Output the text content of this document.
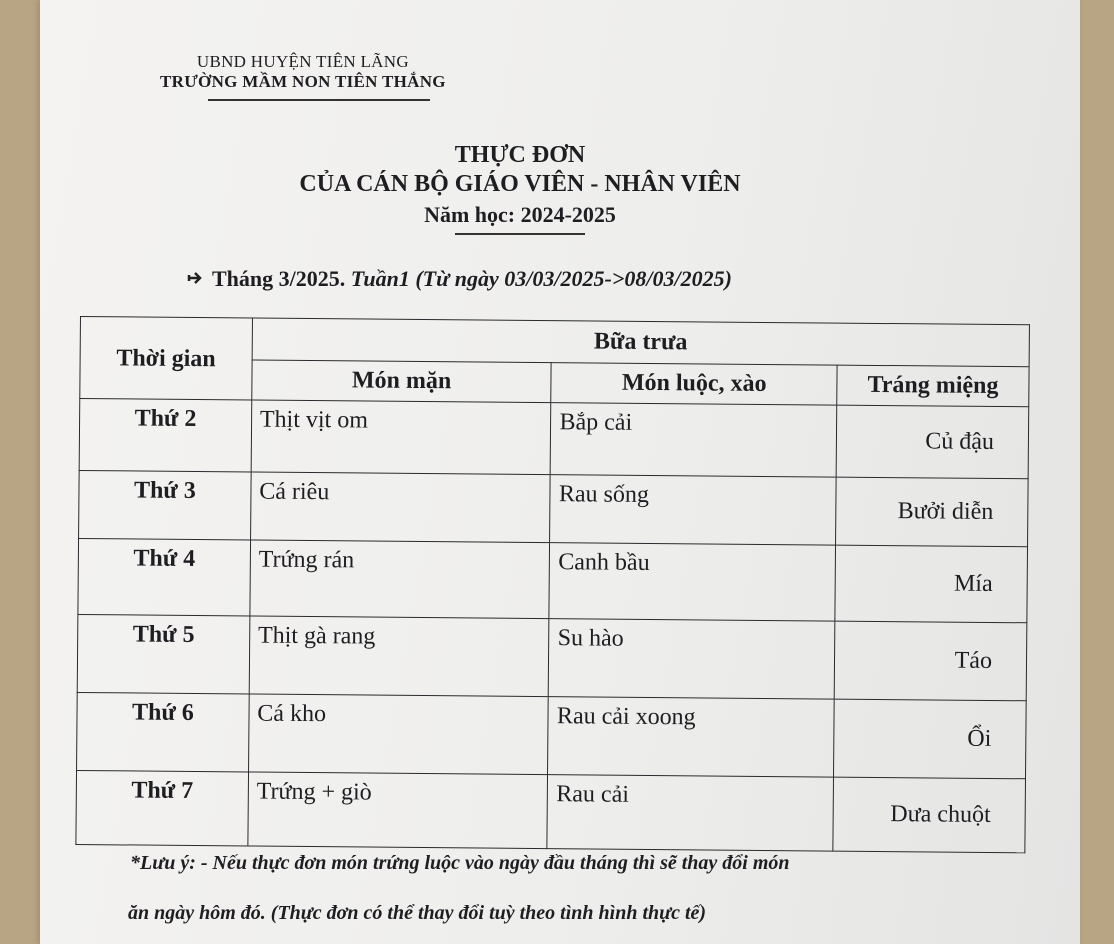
UBND HUYỆN TIÊN LÃNG
TRƯỜNG MẦM NON TIÊN THẮNG
THỰC ĐƠN
CỦA CÁN BỘ GIÁO VIÊN - NHÂN VIÊN
Năm học: 2024-2025
Tháng 3/2025. Tuần1 (Từ ngày 03/03/2025->08/03/2025)
Thời gian	Bữa trưa		
	Món mặn	Món luộc, xào	Tráng miệng
Thứ 2	Thịt vịt om	Bắp cải	Củ đậu
Thứ 3	Cá riêu	Rau sống	Bưởi diễn
Thứ 4	Trứng rán	Canh bầu	Mía
Thứ 5	Thịt gà rang	Su hào	Táo
Thứ 6	Cá kho	Rau cải xoong	Ổi
Thứ 7	Trứng + giò	Rau cải	Dưa chuột
*Lưu ý: - Nếu thực đơn món trứng luộc vào ngày đầu tháng thì sẽ thay đổi món
ăn ngày hôm đó. (Thực đơn có thể thay đổi tuỳ theo tình hình thực tế)
